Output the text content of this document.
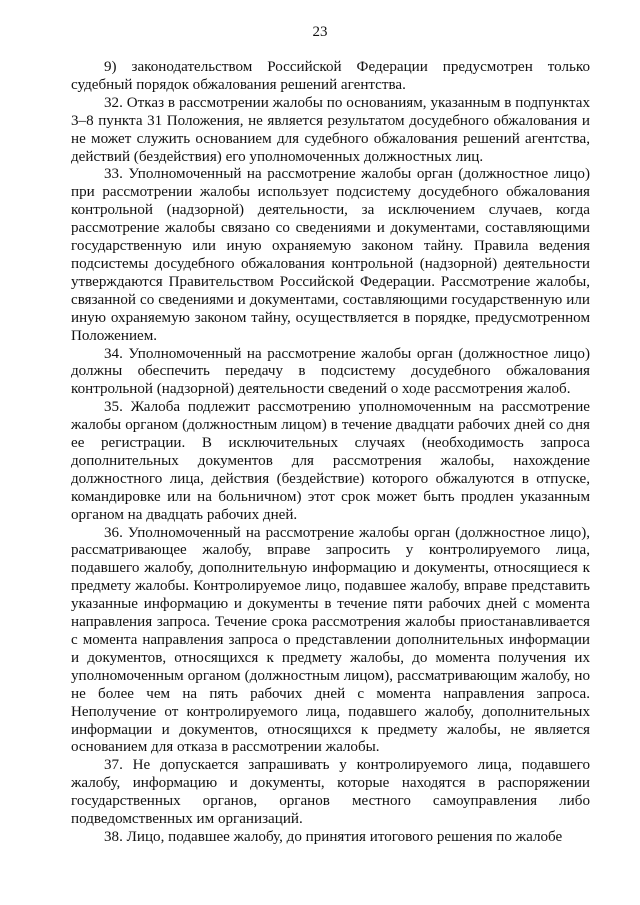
23

9) законодательством Российской Федерации предусмотрен только судебный порядок обжалования решений агентства.

32. Отказ в рассмотрении жалобы по основаниям, указанным в подпунктах 3–8 пункта 31 Положения, не является результатом досудебного обжалования и не может служить основанием для судебного обжалования решений агентства, действий (бездействия) его уполномоченных должностных лиц.

33. Уполномоченный на рассмотрение жалобы орган (должностное лицо) при рассмотрении жалобы использует подсистему досудебного обжалования контрольной (надзорной) деятельности, за исключением случаев, когда рассмотрение жалобы связано со сведениями и документами, составляющими государственную или иную охраняемую законом тайну. Правила ведения подсистемы досудебного обжалования контрольной (надзорной) деятельности утверждаются Правительством Российской Федерации. Рассмотрение жалобы, связанной со сведениями и документами, составляющими государственную или иную охраняемую законом тайну, осуществляется в порядке, предусмотренном Положением.

34. Уполномоченный на рассмотрение жалобы орган (должностное лицо) должны обеспечить передачу в подсистему досудебного обжалования контрольной (надзорной) деятельности сведений о ходе рассмотрения жалоб.

35. Жалоба подлежит рассмотрению уполномоченным на рассмотрение жалобы органом (должностным лицом) в течение двадцати рабочих дней со дня ее регистрации. В исключительных случаях (необходимость запроса дополнительных документов для рассмотрения жалобы, нахождение должностного лица, действия (бездействие) которого обжалуются в отпуске, командировке или на больничном) этот срок может быть продлен указанным органом на двадцать рабочих дней.

36. Уполномоченный на рассмотрение жалобы орган (должностное лицо), рассматривающее жалобу, вправе запросить у контролируемого лица, подавшего жалобу, дополнительную информацию и документы, относящиеся к предмету жалобы. Контролируемое лицо, подавшее жалобу, вправе представить указанные информацию и документы в течение пяти рабочих дней с момента направления запроса. Течение срока рассмотрения жалобы приостанавливается с момента направления запроса о представлении дополнительных информации и документов, относящихся к предмету жалобы, до момента получения их уполномоченным органом (должностным лицом), рассматривающим жалобу, но не более чем на пять рабочих дней с момента направления запроса. Неполучение от контролируемого лица, подавшего жалобу, дополнительных информации и документов, относящихся к предмету жалобы, не является основанием для отказа в рассмотрении жалобы.

37. Не допускается запрашивать у контролируемого лица, подавшего жалобу, информацию и документы, которые находятся в распоряжении государственных органов, органов местного самоуправления либо подведомственных им организаций.

38. Лицо, подавшее жалобу, до принятия итогового решения по жалобе
